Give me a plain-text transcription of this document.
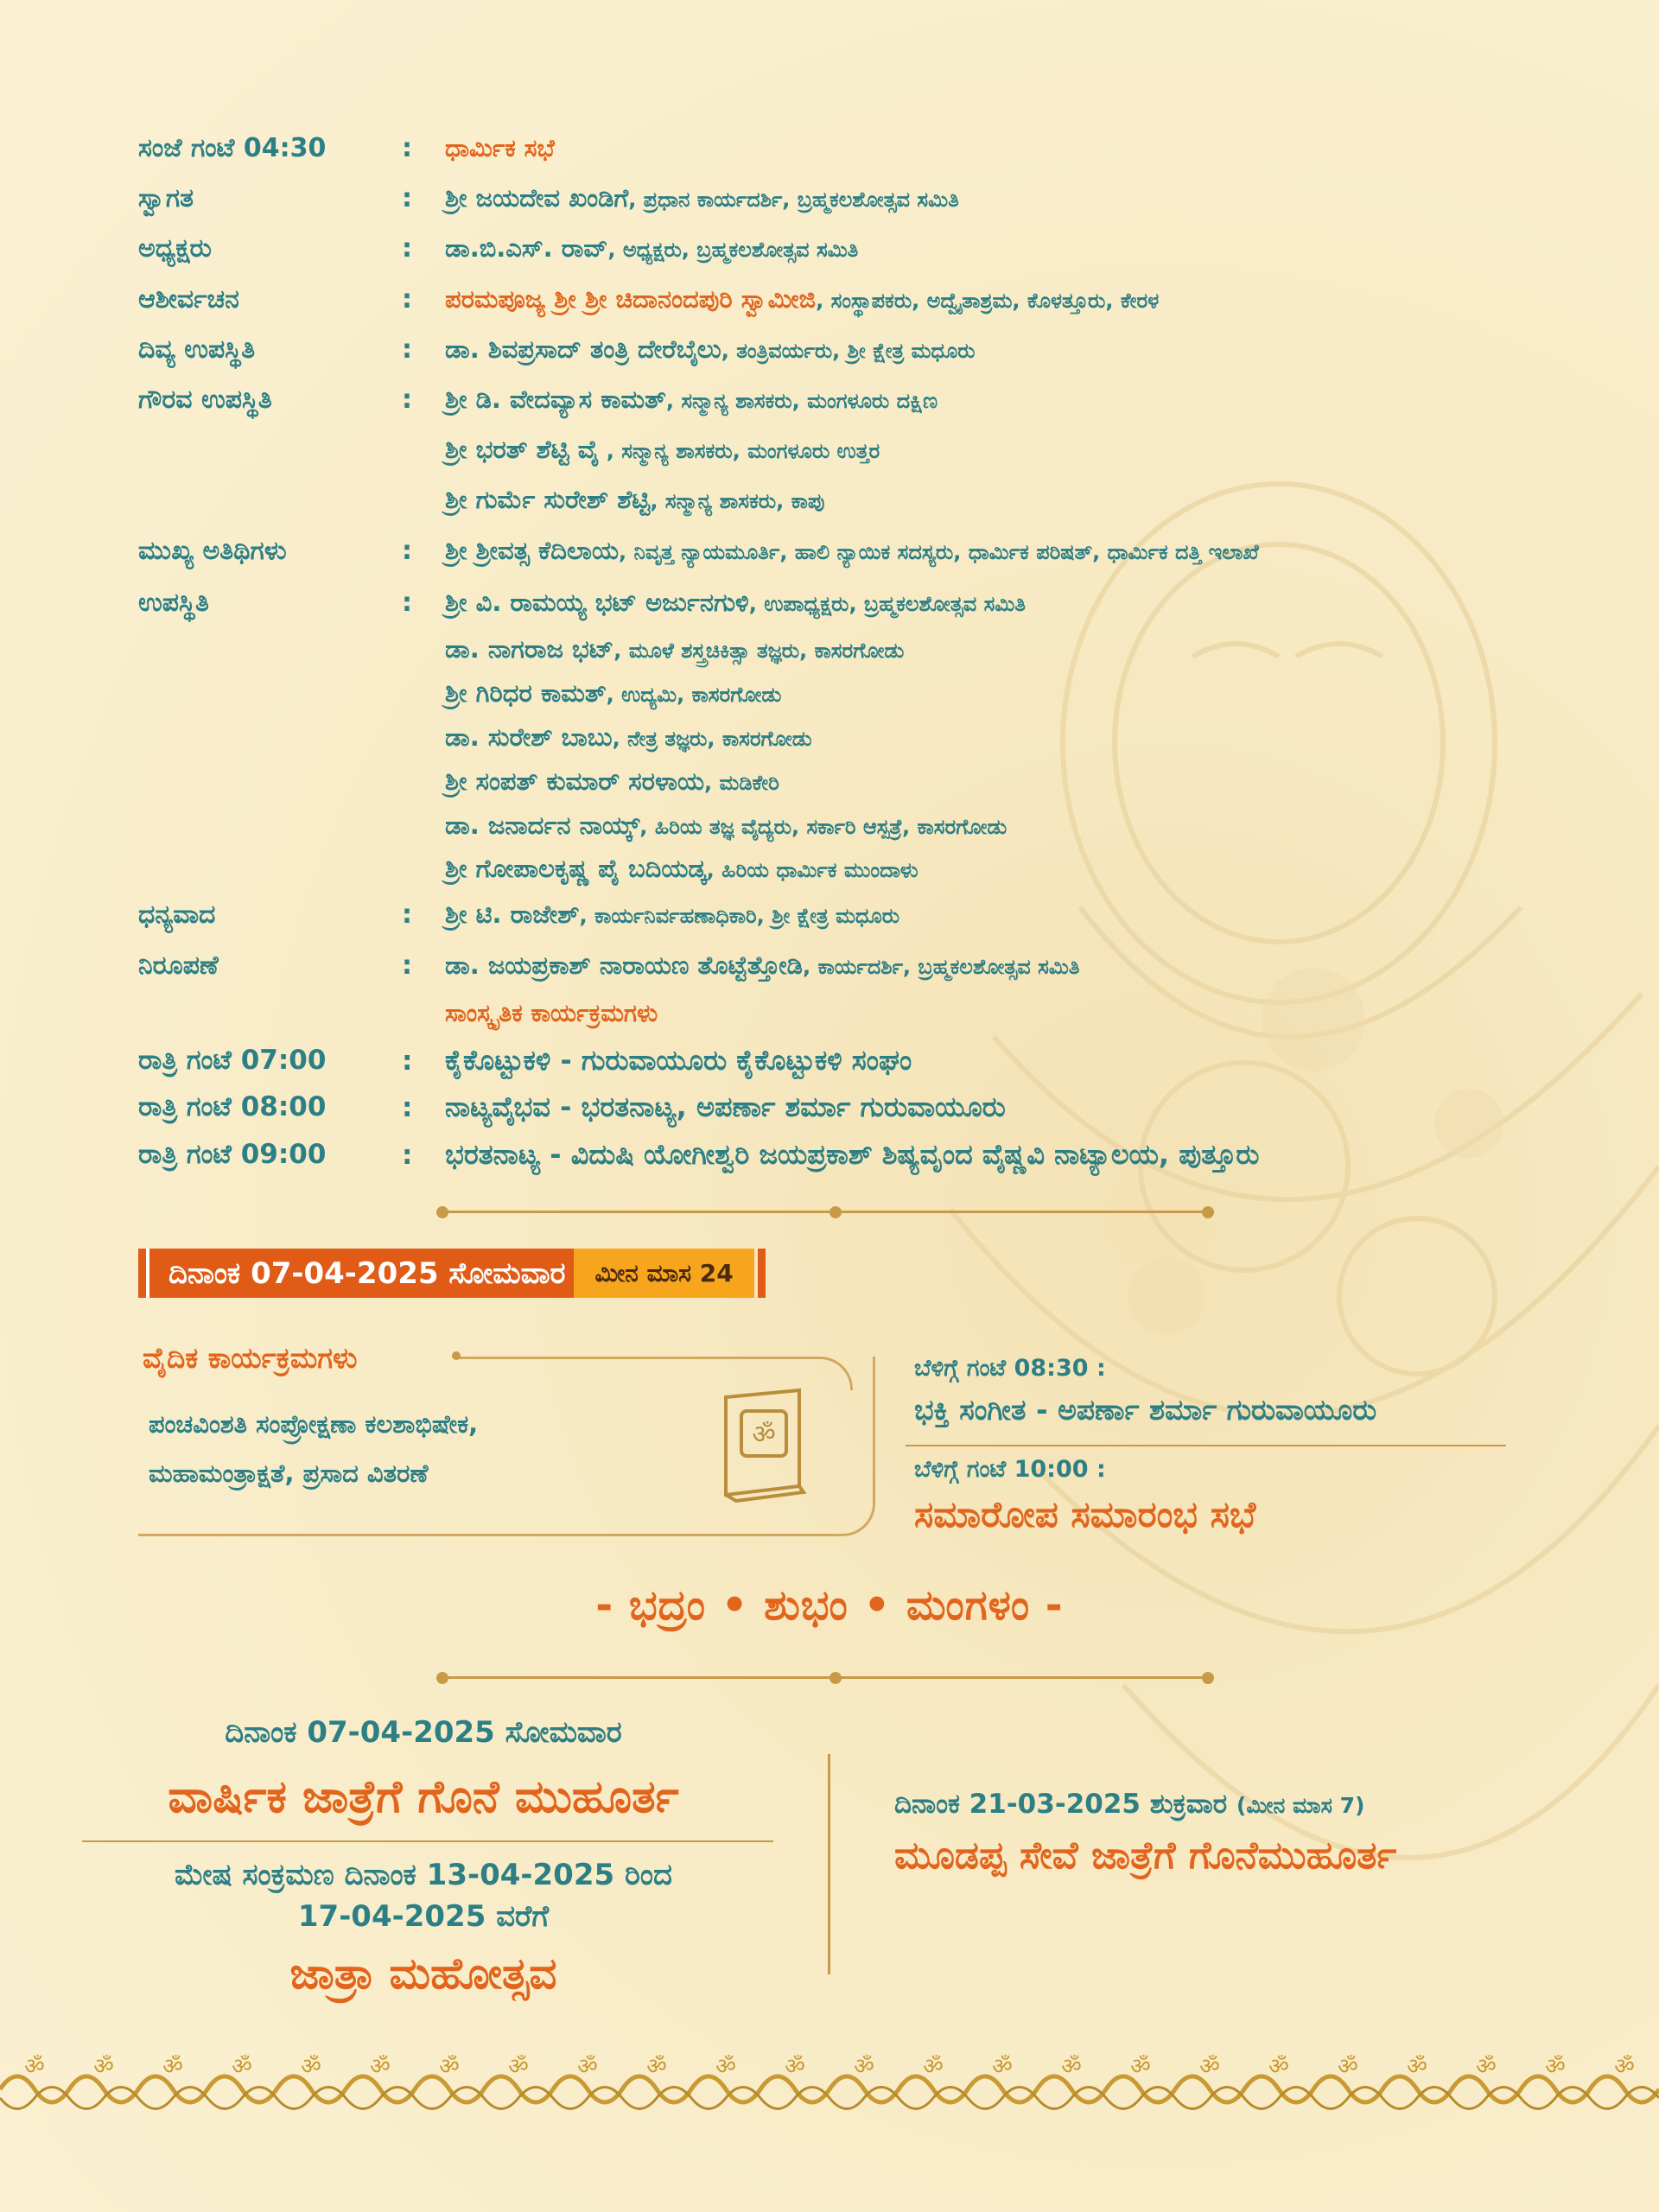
ಸಂಜೆ ಗಂಟೆ 04:30	:	ಧಾರ್ಮಿಕ ಸಭೆ
ಸ್ವಾಗತ	:	ಶ್ರೀ ಜಯದೇವ ಖಂಡಿಗೆ, ಪ್ರಧಾನ ಕಾರ್ಯದರ್ಶಿ, ಬ್ರಹ್ಮಕಲಶೋತ್ಸವ ಸಮಿತಿ
ಅಧ್ಯಕ್ಷರು	:	ಡಾ.ಬಿ.ಎಸ್. ರಾವ್, ಅಧ್ಯಕ್ಷರು, ಬ್ರಹ್ಮಕಲಶೋತ್ಸವ ಸಮಿತಿ
ಆಶೀರ್ವಚನ	:	ಪರಮಪೂಜ್ಯ ಶ್ರೀ ಶ್ರೀ ಚಿದಾನಂದಪುರಿ ಸ್ವಾಮೀಜಿ, ಸಂಸ್ಥಾಪಕರು, ಅದ್ವೈತಾಶ್ರಮ, ಕೊಳತ್ತೂರು, ಕೇರಳ
ದಿವ್ಯ ಉಪಸ್ಥಿತಿ	:	ಡಾ. ಶಿವಪ್ರಸಾದ್ ತಂತ್ರಿ ದೇರೆಬೈಲು, ತಂತ್ರಿವರ್ಯರು, ಶ್ರೀ ಕ್ಷೇತ್ರ ಮಧೂರು
ಗೌರವ ಉಪಸ್ಥಿತಿ	:	ಶ್ರೀ ಡಿ. ವೇದವ್ಯಾಸ ಕಾಮತ್, ಸನ್ಮಾನ್ಯ ಶಾಸಕರು, ಮಂಗಳೂರು ದಕ್ಷಿಣ
ಶ್ರೀ ಭರತ್ ಶೆಟ್ಟಿ ವೈ , ಸನ್ಮಾನ್ಯ ಶಾಸಕರು, ಮಂಗಳೂರು ಉತ್ತರ
ಶ್ರೀ ಗುರ್ಮೆ ಸುರೇಶ್ ಶೆಟ್ಟಿ, ಸನ್ಮಾನ್ಯ ಶಾಸಕರು, ಕಾಪು
ಮುಖ್ಯ ಅತಿಥಿಗಳು	:	ಶ್ರೀ ಶ್ರೀವತ್ಸ ಕೆದಿಲಾಯ, ನಿವೃತ್ತ ನ್ಯಾಯಮೂರ್ತಿ, ಹಾಲಿ ನ್ಯಾಯಿಕ ಸದಸ್ಯರು, ಧಾರ್ಮಿಕ ಪರಿಷತ್, ಧಾರ್ಮಿಕ ದತ್ತಿ ಇಲಾಖೆ
ಉಪಸ್ಥಿತಿ	:	ಶ್ರೀ ವಿ. ರಾಮಯ್ಯ ಭಟ್ ಅರ್ಜುನಗುಳಿ, ಉಪಾಧ್ಯಕ್ಷರು, ಬ್ರಹ್ಮಕಲಶೋತ್ಸವ ಸಮಿತಿ
ಡಾ. ನಾಗರಾಜ ಭಟ್, ಮೂಳೆ ಶಸ್ತ್ರಚಿಕಿತ್ಸಾ ತಜ್ಞರು, ಕಾಸರಗೋಡು
ಶ್ರೀ ಗಿರಿಧರ ಕಾಮತ್, ಉದ್ಯಮಿ, ಕಾಸರಗೋಡು
ಡಾ. ಸುರೇಶ್ ಬಾಬು, ನೇತ್ರ ತಜ್ಞರು, ಕಾಸರಗೋಡು
ಶ್ರೀ ಸಂಪತ್ ಕುಮಾರ್ ಸರಳಾಯ, ಮಡಿಕೇರಿ
ಡಾ. ಜನಾರ್ದನ ನಾಯ್ಕ್, ಹಿರಿಯ ತಜ್ಞ ವೈದ್ಯರು, ಸರ್ಕಾರಿ ಆಸ್ಪತ್ರೆ, ಕಾಸರಗೋಡು
ಶ್ರೀ ಗೋಪಾಲಕೃಷ್ಣ ಪೈ ಬದಿಯಡ್ಕ, ಹಿರಿಯ ಧಾರ್ಮಿಕ ಮುಂದಾಳು
ಧನ್ಯವಾದ	:	ಶ್ರೀ ಟಿ. ರಾಜೇಶ್, ಕಾರ್ಯನಿರ್ವಹಣಾಧಿಕಾರಿ, ಶ್ರೀ ಕ್ಷೇತ್ರ ಮಧೂರು
ನಿರೂಪಣೆ	:	ಡಾ. ಜಯಪ್ರಕಾಶ್ ನಾರಾಯಣ ತೊಟ್ಟೆತ್ತೋಡಿ, ಕಾರ್ಯದರ್ಶಿ, ಬ್ರಹ್ಮಕಲಶೋತ್ಸವ ಸಮಿತಿ
ಸಾಂಸ್ಕೃತಿಕ ಕಾರ್ಯಕ್ರಮಗಳು
ರಾತ್ರಿ ಗಂಟೆ 07:00	:	ಕೈಕೊಟ್ಟುಕಳಿ - ಗುರುವಾಯೂರು ಕೈಕೊಟ್ಟುಕಳಿ ಸಂಘಂ
ರಾತ್ರಿ ಗಂಟೆ 08:00	:	ನಾಟ್ಯವೈಭವ - ಭರತನಾಟ್ಯ, ಅಪರ್ಣಾ ಶರ್ಮಾ ಗುರುವಾಯೂರು
ರಾತ್ರಿ ಗಂಟೆ 09:00	:	ಭರತನಾಟ್ಯ - ವಿದುಷಿ ಯೋಗೀಶ್ವರಿ ಜಯಪ್ರಕಾಶ್ ಶಿಷ್ಯವೃಂದ ವೈಷ್ಣವಿ ನಾಟ್ಯಾಲಯ, ಪುತ್ತೂರು
ದಿನಾಂಕ 07-04-2025 ಸೋಮವಾರ	ಮೀನ ಮಾಸ 24
ವೈದಿಕ ಕಾರ್ಯಕ್ರಮಗಳು
ಪಂಚವಿಂಶತಿ ಸಂಪ್ರೋಕ್ಷಣಾ ಕಲಶಾಭಿಷೇಕ,
ಮಹಾಮಂತ್ರಾಕ್ಷತೆ, ಪ್ರಸಾದ ವಿತರಣೆ
ॐ
ಬೆಳಿಗ್ಗೆ ಗಂಟೆ 08:30 :
ಭಕ್ತಿ ಸಂಗೀತ - ಅಪರ್ಣಾ ಶರ್ಮಾ ಗುರುವಾಯೂರು
ಬೆಳಿಗ್ಗೆ ಗಂಟೆ 10:00 :
ಸಮಾರೋಪ ಸಮಾರಂಭ ಸಭೆ
- ಭದ್ರಂ • ಶುಭಂ • ಮಂಗಳಂ -
ದಿನಾಂಕ 07-04-2025 ಸೋಮವಾರ
ವಾರ್ಷಿಕ ಜಾತ್ರೆಗೆ ಗೊನೆ ಮುಹೂರ್ತ
ಮೇಷ ಸಂಕ್ರಮಣ ದಿನಾಂಕ 13-04-2025 ರಿಂದ
17-04-2025 ವರೆಗೆ
ಜಾತ್ರಾ ಮಹೋತ್ಸವ
ದಿನಾಂಕ 21-03-2025 ಶುಕ್ರವಾರ (ಮೀನ ಮಾಸ 7)
ಮೂಡಪ್ಪ ಸೇವೆ ಜಾತ್ರೆಗೆ ಗೊನೆಮುಹೂರ್ತ
ॐ ॐ ॐ ॐ ॐ ॐ ॐ ॐ ॐ ॐ ॐ ॐ ॐ ॐ ॐ ॐ ॐ ॐ ॐ ॐ ॐ ॐ ॐ ॐ
